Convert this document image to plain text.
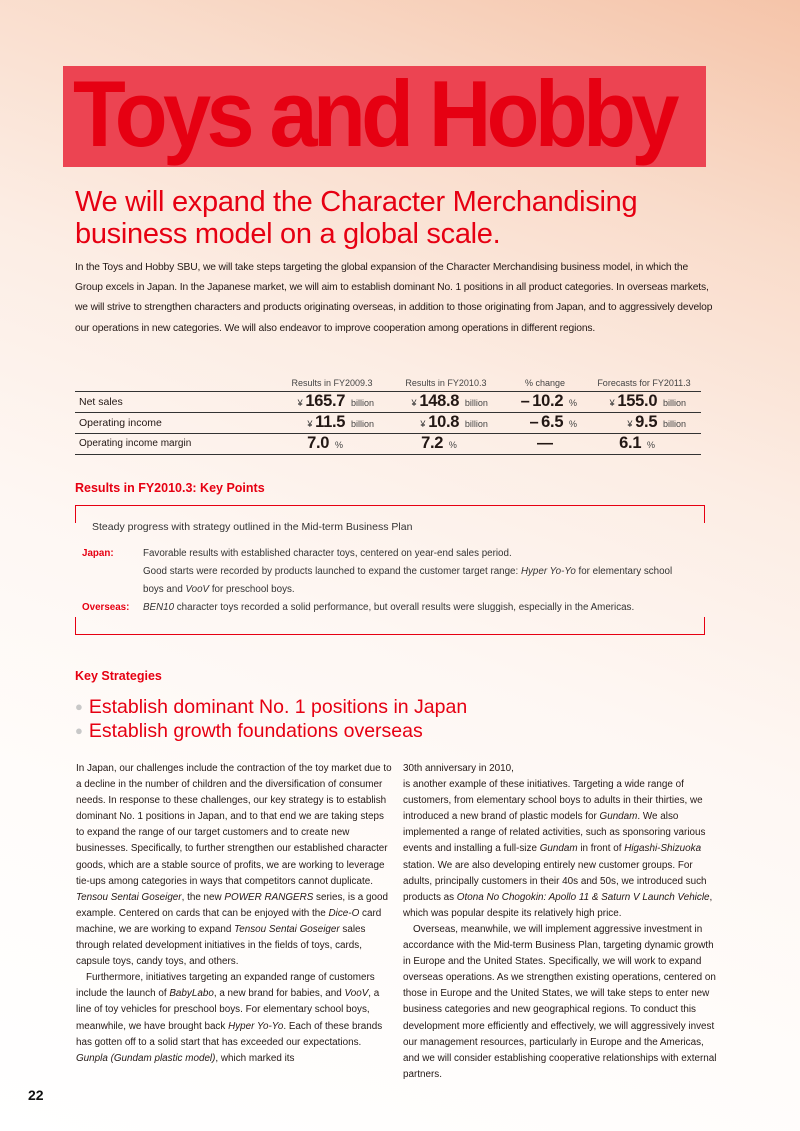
Toys and Hobby
We will expand the Character Merchandising
business model on a global scale.

In the Toys and Hobby SBU, we will take steps targeting the global expansion of the Character Merchandising business model, in which the Group excels in Japan. In the Japanese market, we will aim to establish dominant No. 1 positions in all product categories. In overseas markets, we will strive to strengthen characters and products originating overseas, in addition to those originating from Japan, and to aggressively develop our operations in new categories. We will also endeavor to improve cooperation among operations in different regions.

	Results in FY2009.3	Results in FY2010.3	% change	Forecasts for FY2011.3
Net sales	¥ 165.7 billion	¥ 148.8 billion	– 10.2 %	¥ 155.0 billion
Operating income	¥ 11.5 billion	¥ 10.8 billion	– 6.5 %	¥ 9.5 billion
Operating income margin	7.0 %	7.2 %	—	6.1 %
Results in FY2010.3: Key Points
Steady progress with strategy outlined in the Mid-term Business Plan
Japan:	Favorable results with established character toys, centered on year-end sales period.
Good starts were recorded by products launched to expand the customer target range: Hyper Yo-Yo for elementary school
boys and VooV for preschool boys.
Overseas: BEN10 character toys recorded a solid performance, but overall results were sluggish, especially in the Americas.
Key Strategies
● Establish dominant No. 1 positions in Japan
● Establish growth foundations overseas

In Japan, our challenges include the contraction of the toy market due to a decline in the number of children and the diversification of consumer needs. In response to these challenges, our key strategy is to establish dominant No. 1 positions in Japan, and to that end we are taking steps to expand the range of our target customers and to create new businesses. Specifically, to further strengthen our established character goods, which are a stable source of profits, we are working to leverage tie-ups among categories in ways that competitors cannot duplicate. Tensou Sentai Goseiger, the new POWER RANGERS series, is a good example. Centered on cards that can be enjoyed with the Dice-O card machine, we are working to expand Tensou Sentai Goseiger sales through related development initiatives in the fields of toys, cards, capsule toys, candy toys, and others.

Furthermore, initiatives targeting an expanded range of customers include the launch of BabyLabo, a new brand for babies, and VooV, a line of toy vehicles for preschool boys. For elementary school boys, meanwhile, we have brought back Hyper Yo-Yo. Each of these brands has gotten off to a solid start that has exceeded our expectations. Gunpla (Gundam plastic model), which marked its

30th anniversary in 2010,
is another example of these initiatives. Targeting a wide range of customers, from elementary school boys to adults in their thirties, we introduced a new brand of plastic models for Gundam. We also implemented a range of related activities, such as sponsoring various events and installing a full-size Gundam in front of Higashi-Shizuoka station. We are also developing entirely new customer groups. For adults, principally customers in their 40s and 50s, we introduced such products as Otona No Chogokin: Apollo 11 & Saturn V Launch Vehicle, which was popular despite its relatively high price.

Overseas, meanwhile, we will implement aggressive investment in accordance with the Mid-term Business Plan, targeting dynamic growth in Europe and the United States. Specifically, we will work to expand overseas operations. As we strengthen existing operations, centered on those in Europe and the United States, we will take steps to enter new business categories and new geographical regions. To conduct this development more efficiently and effectively, we will aggressively invest our management resources, particularly in Europe and the Americas, and we will consider establishing cooperative relationships with external partners.

22
